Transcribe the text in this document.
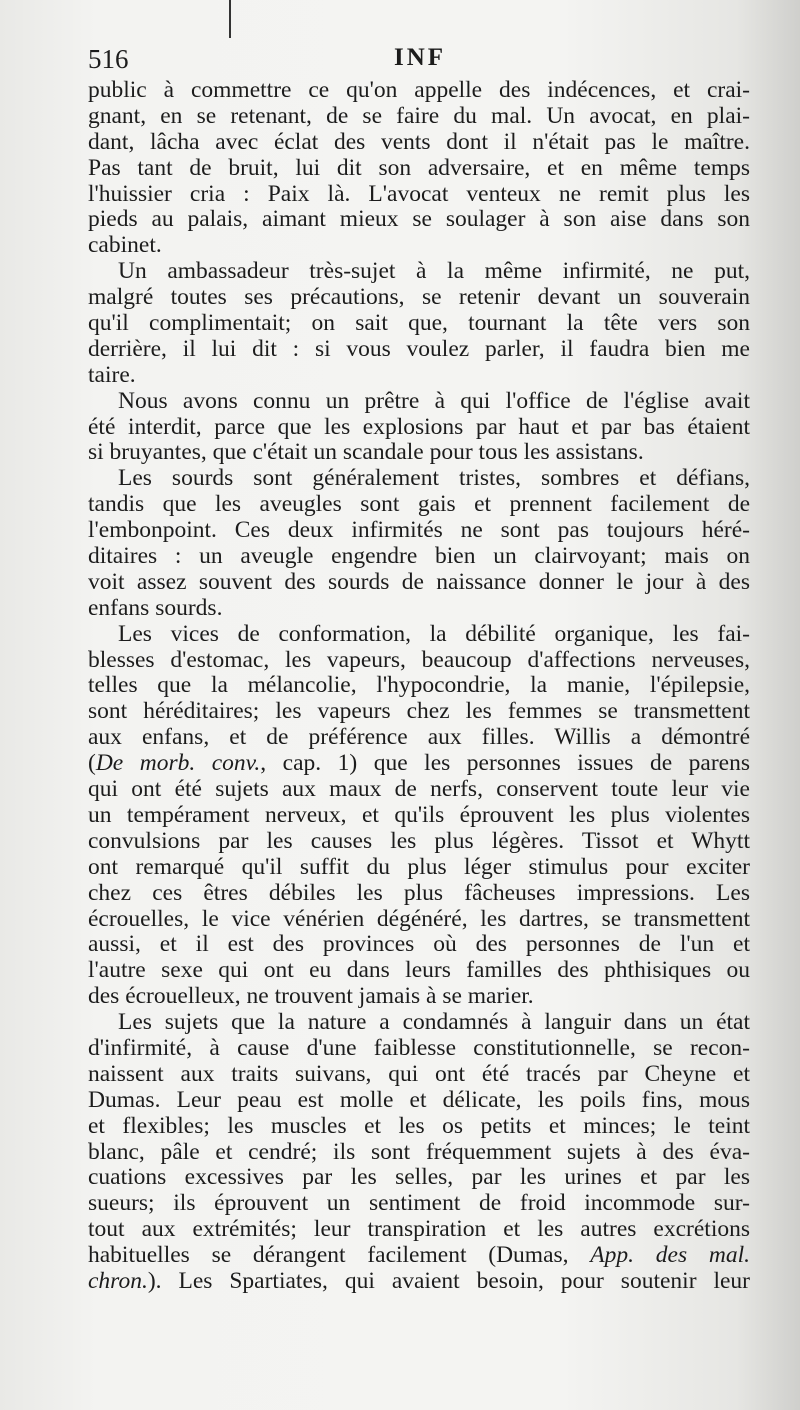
516	INF
public à commettre ce qu'on appelle des indécences, et crai-
gnant, en se retenant, de se faire du mal. Un avocat, en plai-
dant, lâcha avec éclat des vents dont il n'était pas le maître.
Pas tant de bruit, lui dit son adversaire, et en même temps
l'huissier cria : Paix là. L'avocat venteux ne remit plus les
pieds au palais, aimant mieux se soulager à son aise dans son
cabinet.
Un ambassadeur très-sujet à la même infirmité, ne put,
malgré toutes ses précautions, se retenir devant un souverain
qu'il complimentait; on sait que, tournant la tête vers son
derrière, il lui dit : si vous voulez parler, il faudra bien me
taire.
Nous avons connu un prêtre à qui l'office de l'église avait
été interdit, parce que les explosions par haut et par bas étaient
si bruyantes, que c'était un scandale pour tous les assistans.
Les sourds sont généralement tristes, sombres et défians,
tandis que les aveugles sont gais et prennent facilement de
l'embonpoint. Ces deux infirmités ne sont pas toujours héré-
ditaires : un aveugle engendre bien un clairvoyant; mais on
voit assez souvent des sourds de naissance donner le jour à des
enfans sourds.
Les vices de conformation, la débilité organique, les fai-
blesses d'estomac, les vapeurs, beaucoup d'affections nerveuses,
telles que la mélancolie, l'hypocondrie, la manie, l'épilepsie,
sont héréditaires; les vapeurs chez les femmes se transmettent
aux enfans, et de préférence aux filles. Willis a démontré
(De morb. conv., cap. 1) que les personnes issues de parens
qui ont été sujets aux maux de nerfs, conservent toute leur vie
un tempérament nerveux, et qu'ils éprouvent les plus violentes
convulsions par les causes les plus légères. Tissot et Whytt
ont remarqué qu'il suffit du plus léger stimulus pour exciter
chez ces êtres débiles les plus fâcheuses impressions. Les
écrouelles, le vice vénérien dégénéré, les dartres, se transmettent
aussi, et il est des provinces où des personnes de l'un et
l'autre sexe qui ont eu dans leurs familles des phthisiques ou
des écrouelleux, ne trouvent jamais à se marier.
Les sujets que la nature a condamnés à languir dans un état
d'infirmité, à cause d'une faiblesse constitutionnelle, se recon-
naissent aux traits suivans, qui ont été tracés par Cheyne et
Dumas. Leur peau est molle et délicate, les poils fins, mous
et flexibles; les muscles et les os petits et minces; le teint
blanc, pâle et cendré; ils sont fréquemment sujets à des éva-
cuations excessives par les selles, par les urines et par les
sueurs; ils éprouvent un sentiment de froid incommode sur-
tout aux extrémités; leur transpiration et les autres excrétions
habituelles se dérangent facilement (Dumas, App. des mal.
chron.). Les Spartiates, qui avaient besoin, pour soutenir leur
